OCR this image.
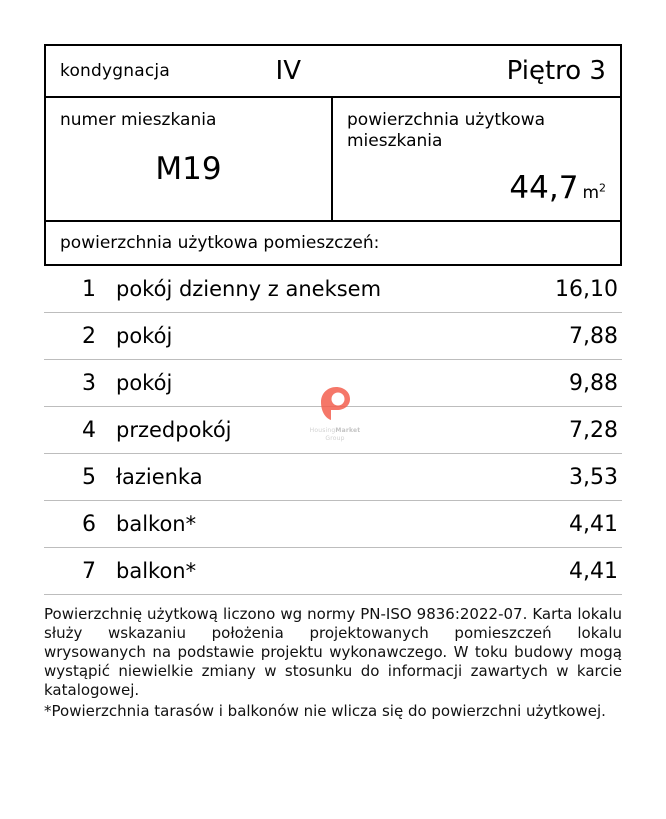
kondygnacja	IV	Piętro 3
numer mieszkania
M19
powierzchnia użytkowa mieszkania
44,7 $m^2$
powierzchnia użytkowa pomieszczeń:
1 pokój dzienny z aneksem	16,10
2 pokój	7,88
3 pokój	9,88
4 przedpokój	7,28
5 łazienka	3,53
6 balkon*	4,41
7 balkon*	4,41

Powierzchnię użytkową liczono wg normy PN-ISO 9836:2022-07. Karta lokalu służy wskazaniu położenia projektowanych pomieszczeń lokalu wrysowanych na podstawie projektu wykonawczego. W toku budowy mogą wystąpić niewielkie zmiany w stosunku do informacji zawartych w karcie katalogowej.

*Powierzchnia tarasów i balkonów nie wlicza się do powierzchni użytkowej.

HousingMarket
Group
